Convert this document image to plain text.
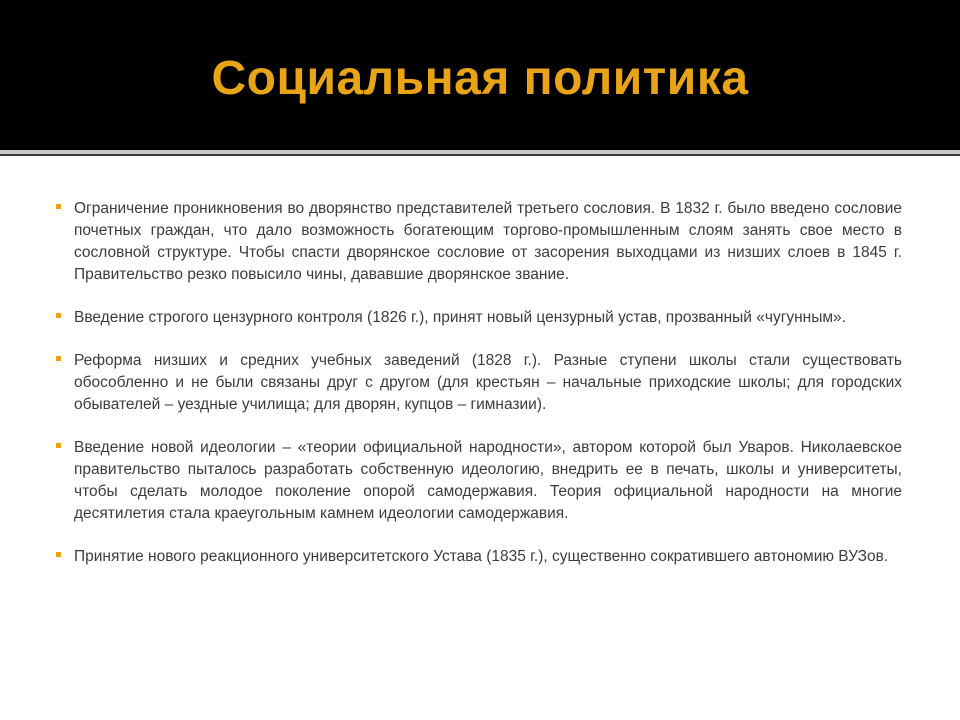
Социальная политика
Ограничение проникновения во дворянство представителей третьего сословия. В 1832 г. было введено сословие почетных граждан, что дало возможность богатеющим торгово-промышленным слоям занять свое место в сословной структуре. Чтобы спасти дворянское сословие от засорения выходцами из низших слоев в 1845 г. Правительство резко повысило чины, дававшие дворянское звание.
Введение строгого цензурного контроля (1826 г.), принят новый цензурный устав, прозванный «чугунным».
Реформа низших и средних учебных заведений (1828 г.). Разные ступени школы стали существовать обособленно и не были связаны друг с другом (для крестьян – начальные приходские школы; для городских обывателей – уездные училища; для дворян, купцов – гимназии).
Введение новой идеологии – «теории официальной народности», автором которой был Уваров. Николаевское правительство пыталось разработать собственную идеологию, внедрить ее в печать, школы и университеты, чтобы сделать молодое поколение опорой самодержавия. Теория официальной народности на многие десятилетия стала краеугольным камнем идеологии самодержавия.
Принятие нового реакционного университетского Устава (1835 г.), существенно сократившего автономию ВУЗов.
